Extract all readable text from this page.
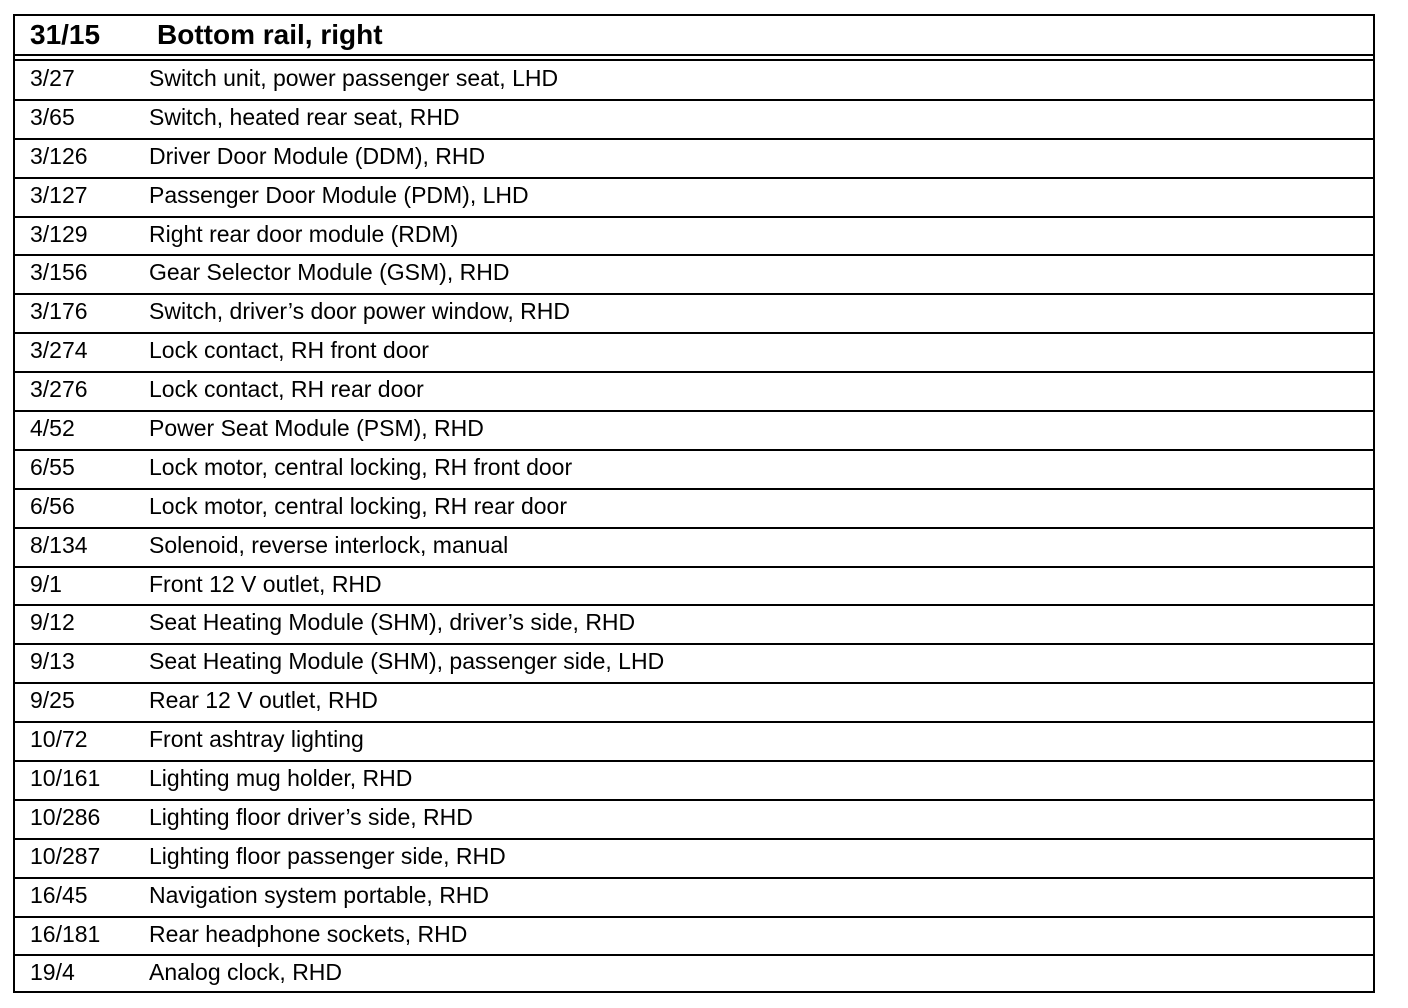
31/15 Bottom rail, right
3/27	Switch unit, power passenger seat, LHD
3/65	Switch, heated rear seat, RHD
3/126	Driver Door Module (DDM), RHD
3/127	Passenger Door Module (PDM), LHD
3/129	Right rear door module (RDM)
3/156	Gear Selector Module (GSM), RHD
3/176	Switch, driver’s door power window, RHD
3/274	Lock contact, RH front door
3/276	Lock contact, RH rear door
4/52	Power Seat Module (PSM), RHD
6/55	Lock motor, central locking, RH front door
6/56	Lock motor, central locking, RH rear door
8/134	Solenoid, reverse interlock, manual
9/1	Front 12 V outlet, RHD
9/12	Seat Heating Module (SHM), driver’s side, RHD
9/13	Seat Heating Module (SHM), passenger side, LHD
9/25	Rear 12 V outlet, RHD
10/72	Front ashtray lighting
10/161 Lighting mug holder, RHD
10/286 Lighting floor driver’s side, RHD
10/287 Lighting floor passenger side, RHD
16/45	Navigation system portable, RHD
16/181 Rear headphone sockets, RHD
19/4	Analog clock, RHD
